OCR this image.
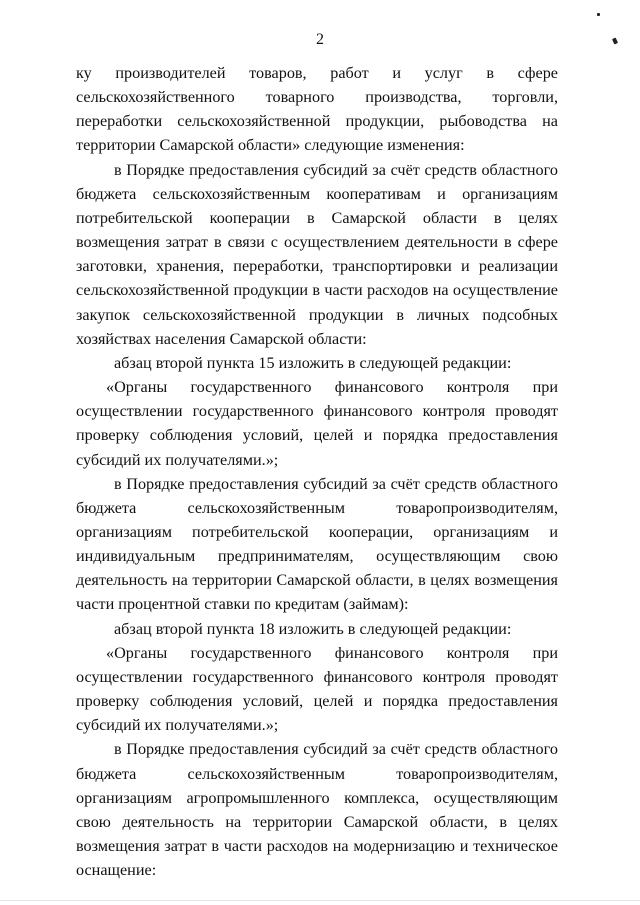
2

ку производителей товаров, работ и услуг в сфере сельскохозяйственного товарного производства, торговли, переработки сельскохозяйственной продукции, рыбоводства на территории Самарской области» следующие изменения:

в Порядке предоставления субсидий за счёт средств областного бюджета сельскохозяйственным кооперативам и организациям потребительской кооперации в Самарской области в целях возмещения затрат в связи с осуществлением деятельности в сфере заготовки, хранения, переработки, транспортировки и реализации сельскохозяйственной продукции в части расходов на осуществление закупок сельскохозяйственной продукции в личных подсобных хозяйствах населения Самарской области:

абзац второй пункта 15 изложить в следующей редакции:

«Органы государственного финансового контроля при осуществлении государственного финансового контроля проводят проверку соблюдения условий, целей и порядка предоставления субсидий их получателями.»;

в Порядке предоставления субсидий за счёт средств областного бюджета сельскохозяйственным товаропроизводителям, организациям потребительской кооперации, организациям и индивидуальным предпринимателям, осуществляющим свою деятельность на территории Самарской области, в целях возмещения части процентной ставки по кредитам (займам):

абзац второй пункта 18 изложить в следующей редакции:

«Органы государственного финансового контроля при осуществлении государственного финансового контроля проводят проверку соблюдения условий, целей и порядка предоставления субсидий их получателями.»;

в Порядке предоставления субсидий за счёт средств областного бюджета сельскохозяйственным товаропроизводителям, организациям агропромышленного комплекса, осуществляющим свою деятельность на территории Самарской области, в целях возмещения затрат в части расходов на модернизацию и техническое оснащение:
